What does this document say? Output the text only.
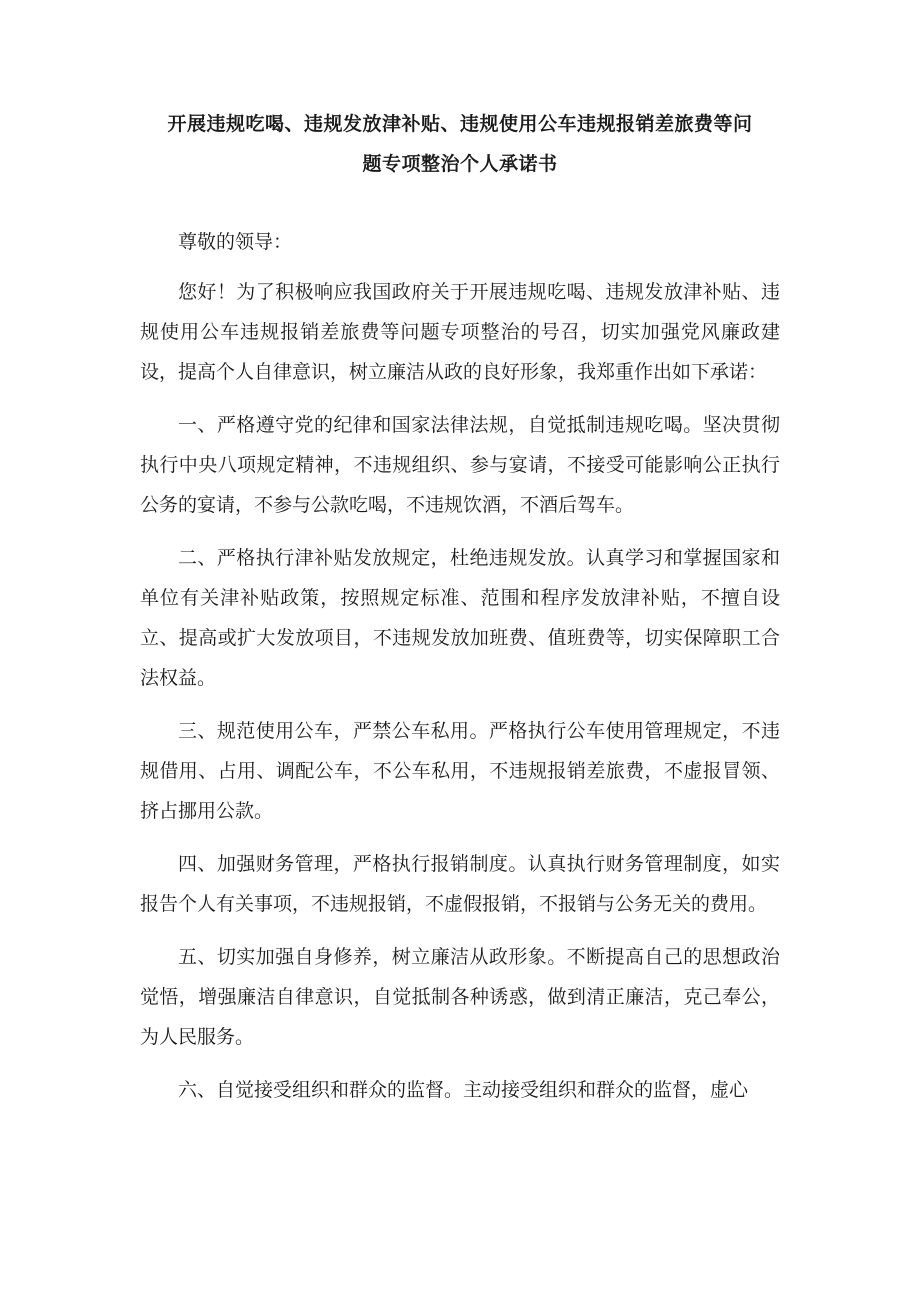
开展违规吃喝、违规发放津补贴、违规使用公车违规报销差旅费等问
题专项整治个人承诺书

尊敬的领导：

您好！为了积极响应我国政府关于开展违规吃喝、违规发放津补贴、违规使用公车违规报销差旅费等问题专项整治的号召，切实加强党风廉政建设，提高个人自律意识，树立廉洁从政的良好形象，我郑重作出如下承诺：

一、严格遵守党的纪律和国家法律法规，自觉抵制违规吃喝。坚决贯彻执行中央八项规定精神，不违规组织、参与宴请，不接受可能影响公正执行公务的宴请，不参与公款吃喝，不违规饮酒，不酒后驾车。

二、严格执行津补贴发放规定，杜绝违规发放。认真学习和掌握国家和单位有关津补贴政策，按照规定标准、范围和程序发放津补贴，不擅自设立、提高或扩大发放项目，不违规发放加班费、值班费等，切实保障职工合法权益。

三、规范使用公车，严禁公车私用。严格执行公车使用管理规定，不违规借用、占用、调配公车，不公车私用，不违规报销差旅费，不虚报冒领、挤占挪用公款。

四、加强财务管理，严格执行报销制度。认真执行财务管理制度，如实报告个人有关事项，不违规报销，不虚假报销，不报销与公务无关的费用。

五、切实加强自身修养，树立廉洁从政形象。不断提高自己的思想政治觉悟，增强廉洁自律意识，自觉抵制各种诱惑，做到清正廉洁，克己奉公，为人民服务。

六、自觉接受组织和群众的监督。主动接受组织和群众的监督，虚心
